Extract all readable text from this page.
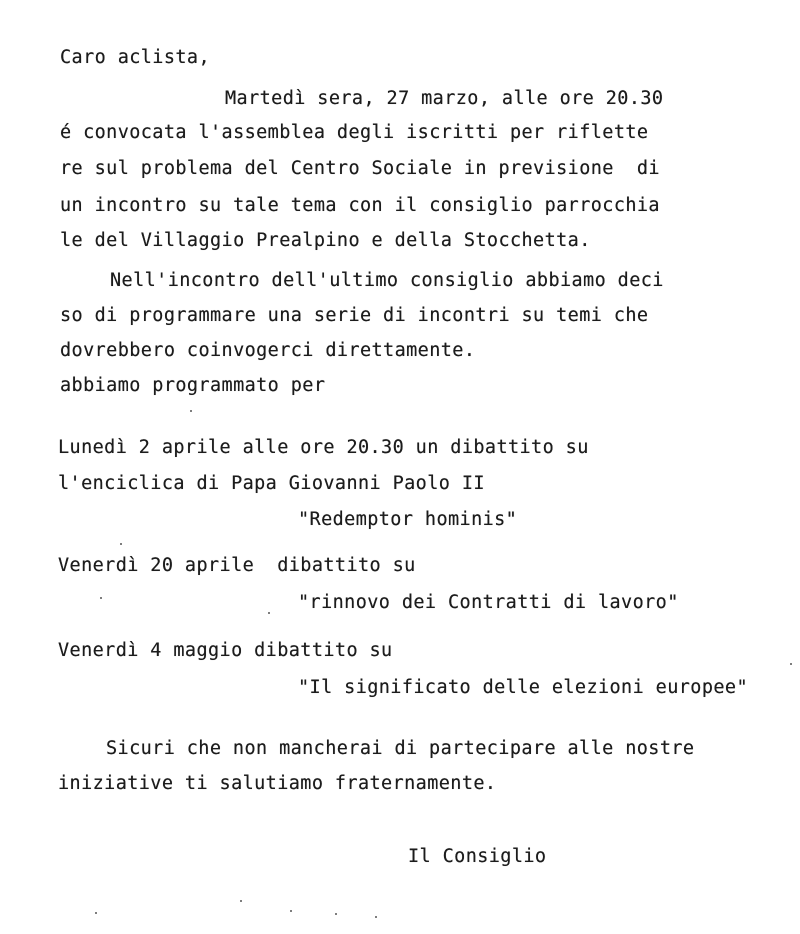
Caro aclista,
Martedì sera, 27 marzo, alle ore 20.30
é convocata l'assemblea degli iscritti per riflette
re sul problema del Centro Sociale in previsione  di
un incontro su tale tema con il consiglio parrocchia
le del Villaggio Prealpino e della Stocchetta.
Nell'incontro dell'ultimo consiglio abbiamo deci
so di programmare una serie di incontri su temi che
dovrebbero coinvogerci direttamente.
abbiamo programmato per
Lunedì 2 aprile alle ore 20.30 un dibattito su
l'enciclica di Papa Giovanni Paolo II
"Redemptor hominis"
Venerdì 20 aprile  dibattito su
"rinnovo dei Contratti di lavoro"
Venerdì 4 maggio dibattito su
"Il significato delle elezioni europee"
Sicuri che non mancherai di partecipare alle nostre
iniziative ti salutiamo fraternamente.
Il Consiglio
